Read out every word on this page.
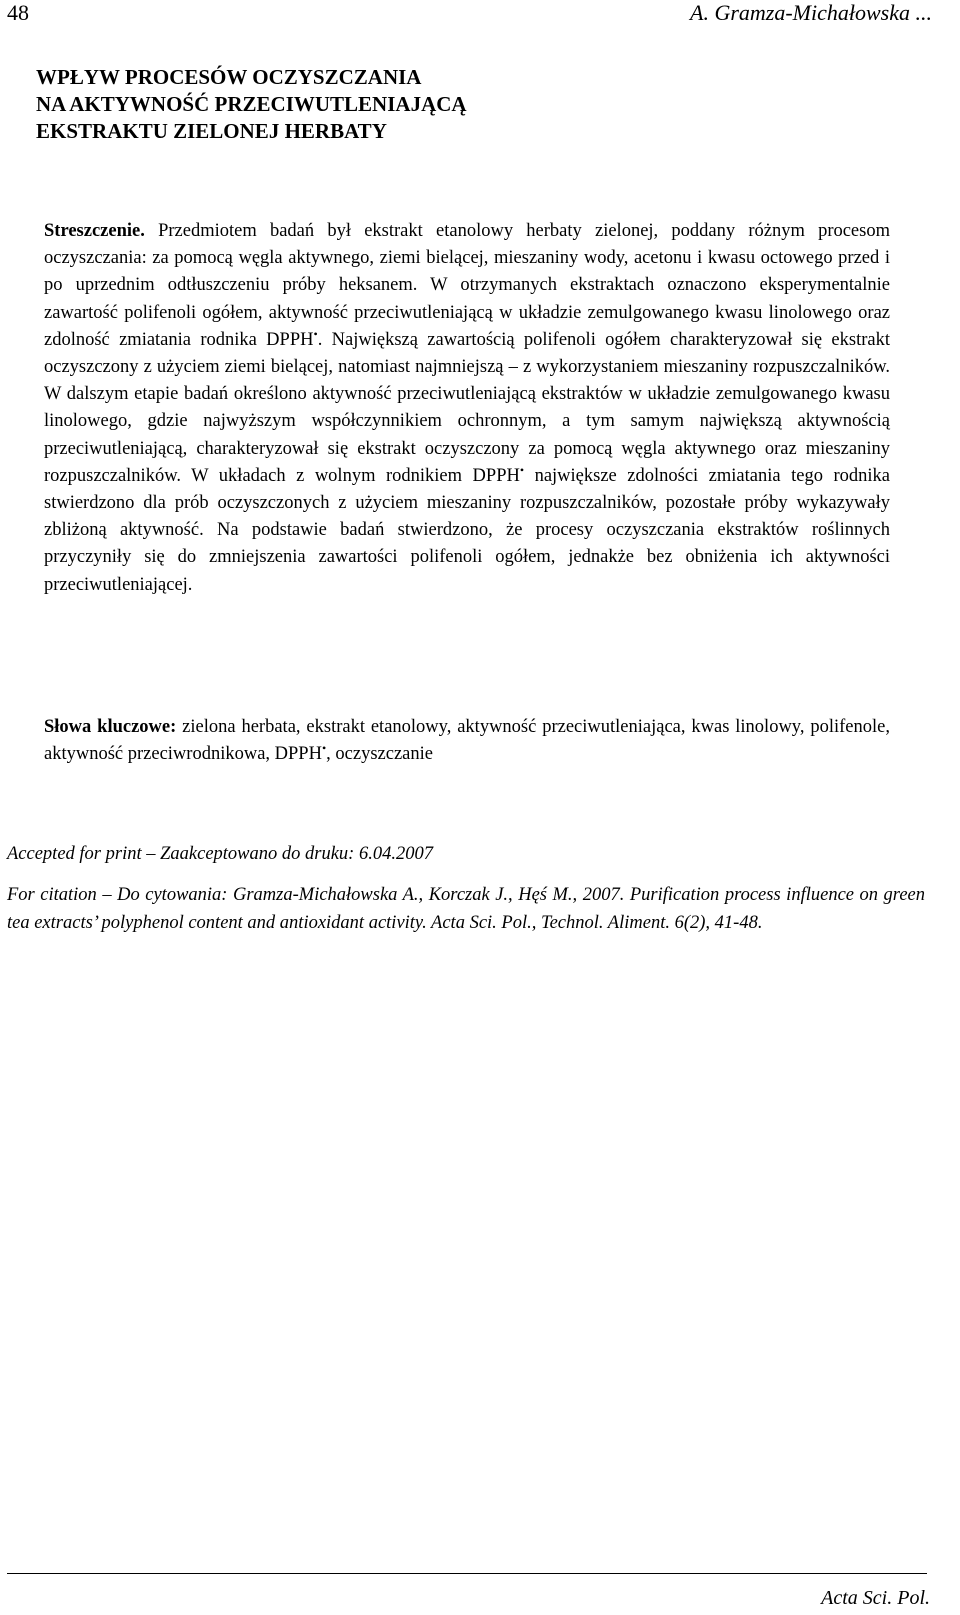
48	A. Gramza-Michałowska ...
WPŁYW PROCESÓW OCZYSZCZANIA
NA AKTYWNOŚĆ PRZECIWUTLENIAJĄCĄ
EKSTRAKTU ZIELONEJ HERBATY

Streszczenie. Przedmiotem badań był ekstrakt etanolowy herbaty zielonej, poddany różnym procesom oczyszczania: za pomocą węgla aktywnego, ziemi bielącej, mieszaniny wody, acetonu i kwasu octowego przed i po uprzednim odtłuszczeniu próby heksanem. W otrzymanych ekstraktach oznaczono eksperymentalnie zawartość polifenoli ogółem, aktywność przeciwutleniającą w układzie zemulgowanego kwasu linolowego oraz zdolność zmiatania rodnika DPPH•. Największą zawartością polifenoli ogółem charakteryzował się ekstrakt oczyszczony z użyciem ziemi bielącej, natomiast najmniejszą – z wykorzystaniem mieszaniny rozpuszczalników. W dalszym etapie badań określono aktywność przeciwutleniającą ekstraktów w układzie zemulgowanego kwasu linolowego, gdzie najwyższym współczynnikiem ochronnym, a tym samym największą aktywnością przeciwutleniającą, charakteryzował się ekstrakt oczyszczony za pomocą węgla aktywnego oraz mieszaniny rozpuszczalników. W układach z wolnym rodnikiem DPPH• największe zdolności zmiatania tego rodnika stwierdzono dla prób oczyszczonych z użyciem mieszaniny rozpuszczalników, pozostałe próby wykazywały zbliżoną aktywność. Na podstawie badań stwierdzono, że procesy oczyszczania ekstraktów roślinnych przyczyniły się do zmniejszenia zawartości polifenoli ogółem, jednakże bez obniżenia ich aktywności przeciwutleniającej.

Słowa kluczowe: zielona herbata, ekstrakt etanolowy, aktywność przeciwutleniająca, kwas linolowy, polifenole, aktywność przeciwrodnikowa, DPPH•, oczyszczanie

Accepted for print – Zaakceptowano do druku: 6.04.2007

For citation – Do cytowania: Gramza-Michałowska A., Korczak J., Hęś M., 2007. Purification process influence on green tea extracts’ polyphenol content and antioxidant activity. Acta Sci. Pol., Technol. Aliment. 6(2), 41-48.

Acta Sci. Pol.
